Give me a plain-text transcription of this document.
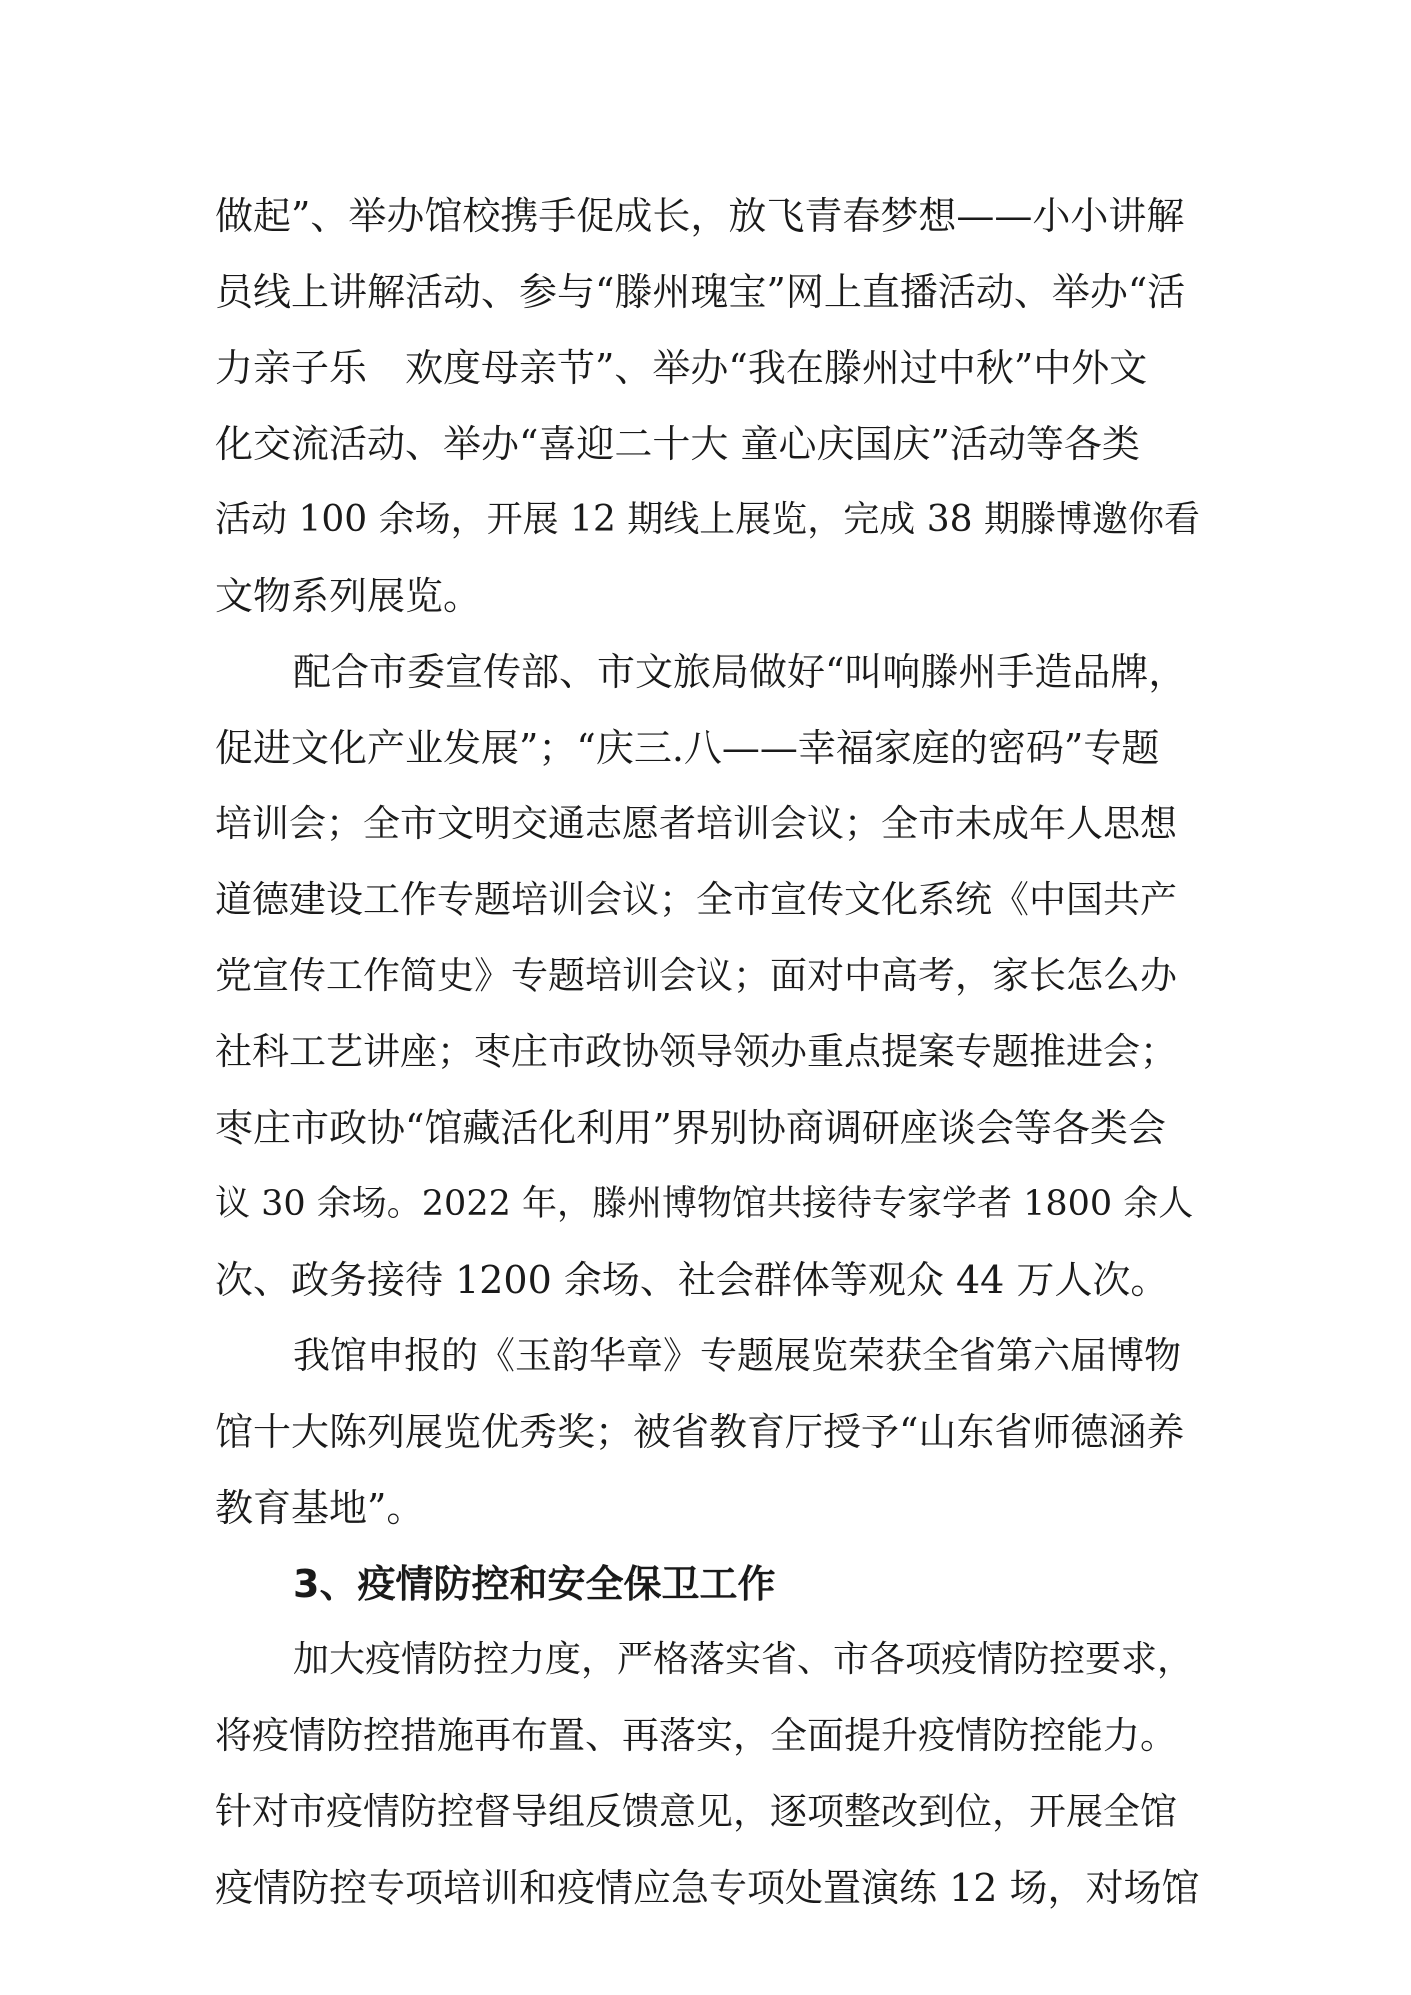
做起”、举办馆校携手促成长，放飞青春梦想——小小讲解
员线上讲解活动、参与“滕州瑰宝”网上直播活动、举办“活
力亲子乐　欢度母亲节”、举办“我在滕州过中秋”中外文
化交流活动、举办“喜迎二十大 童心庆国庆”活动等各类
活动 100 余场，开展 12 期线上展览，完成 38 期滕博邀你看
文物系列展览。
配合市委宣传部、市文旅局做好“叫响滕州手造品牌，
促进文化产业发展”；“庆三.八——幸福家庭的密码”专题
培训会；全市文明交通志愿者培训会议；全市未成年人思想
道德建设工作专题培训会议；全市宣传文化系统《中国共产
党宣传工作简史》专题培训会议；面对中高考，家长怎么办
社科工艺讲座；枣庄市政协领导领办重点提案专题推进会；
枣庄市政协“馆藏活化利用”界别协商调研座谈会等各类会
议 30 余场。2022 年，滕州博物馆共接待专家学者 1800 余人
次、政务接待 1200 余场、社会群体等观众 44 万人次。
我馆申报的《玉韵华章》专题展览荣获全省第六届博物
馆十大陈列展览优秀奖；被省教育厅授予“山东省师德涵养
教育基地”。
3、疫情防控和安全保卫工作
加大疫情防控力度，严格落实省、市各项疫情防控要求，
将疫情防控措施再布置、再落实，全面提升疫情防控能力。
针对市疫情防控督导组反馈意见，逐项整改到位，开展全馆
疫情防控专项培训和疫情应急专项处置演练 12 场，对场馆
